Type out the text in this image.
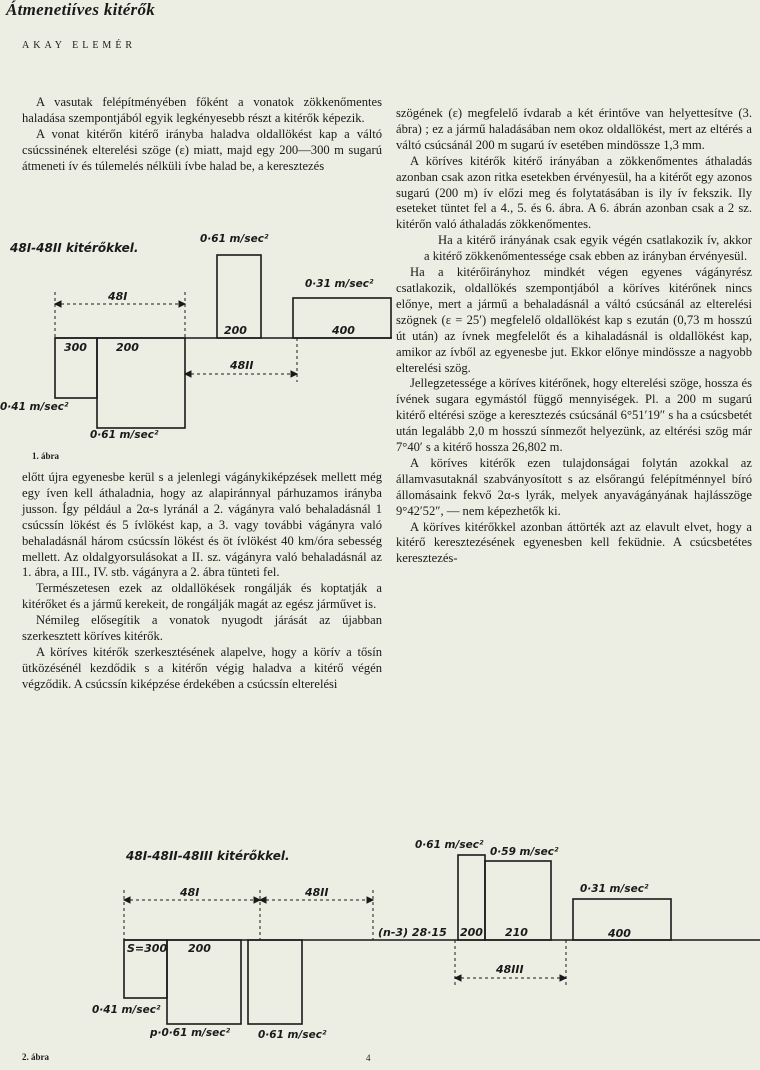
Átmenetiíves kitérők
AKAY ELEMÉR

A vasutak felépítményében főként a vonatok zökkenőmentes haladása szempontjából egyik legkényesebb részt a kitérők képezik.

A vonat kitérőn kitérő irányba haladva oldallökést kap a váltó csúcssinének elterelési szöge (ε) miatt, majd egy 200—300 m sugarú átmeneti ív és túlemelés nélküli ívbe halad be, a keresztezés

48I-48II kitérőkkel.
0·61 m/sec²
0·31 m/sec²
0·41 m/sec²
0·61 m/sec²
48I
48II
300	200
200	400
1. ábra

előtt újra egyenesbe kerül s a jelenlegi vágánykiképzések mellett még egy íven kell áthaladnia, hogy az alapiránnyal párhuzamos irányba jusson. Így például a 2α-s lyránál a 2. vágányra való behaladásnál 1 csúcssín lökést és 5 ívlökést kap, a 3. vagy további vágányra való behaladásnál három csúcssín lökést és öt ívlökést 40 km/óra sebesség mellett. Az oldalgyorsulásokat a II. sz. vágányra való behaladásnál az 1. ábra, a III., IV. stb. vágányra a 2. ábra tünteti fel.

Természetesen ezek az oldallökések rongálják és koptatják a kitérőket és a jármű kerekeit, de rongálják magát az egész járművet is.

Némileg elősegítik a vonatok nyugodt járását az újabban szerkesztett köríves kitérők.

A köríves kitérők szerkesztésének alapelve, hogy a körív a tősín ütközésénél kezdődik s a kitérőn végig haladva a kitérő végén végződik. A csúcssín kiképzése érdekében a csúcssín elterelési

szögének (ε) megfelelő ívdarab a két érintőve van helyettesítve (3. ábra) ; ez a jármű haladásában nem okoz oldallökést, mert az eltérés a váltó csúcsánál 200 m sugarú ív esetében mindössze 1,3 mm.

A köríves kitérők kitérő irányában a zökkenőmentes áthaladás azonban csak azon ritka esetekben érvényesül, ha a kitérőt egy azonos sugarú (200 m) ív előzi meg és folytatásában is ily ív fekszik. Ily eseteket tüntet fel a 4., 5. és 6. ábra. A 6. ábrán azonban csak a 2 sz. kitérőn való áthaladás zökkenőmentes.

Ha a kitérő irányának csak egyik végén csatlakozik ív, akkor a kitérő zökkenőmentessége csak ebben az irányban érvényesül.

Ha a kitérőirányhoz mindkét végen egyenes vágányrész csatlakozik, oldallökés szempontjából a köríves kitérőnek nincs előnye, mert a jármű a behaladásnál a váltó csúcsánál az elterelési szögnek (ε = 25′) megfelelő oldallökést kap s ezután (0,73 m hosszú út után) az ívnek megfelelőt és a kihaladásnál is oldallökést kap, amikor az ívből az egyenesbe jut. Ekkor előnye mindössze a nagyobb elterelési szög.

Jellegzetessége a köríves kitérőnek, hogy elterelési szöge, hossza és ívének sugara egymástól függő mennyiségek. Pl. a 200 m sugarú kitérő eltérési szöge a keresztezés csúcsánál 6°51′19″ s ha a csúcsbetét után legalább 2,0 m hosszú sínmezőt helyezünk, az eltérési szög már 7°40′ s a kitérő hossza 26,802 m.

A köríves kitérők ezen tulajdonságai folytán azokkal az államvasutaknál szabványosított s az elsőrangú felépítménnyel bíró állomásaink fekvő 2α-s lyrák, melyek anyavágányának hajlásszöge 9°42′52″, — nem képezhetők ki.

A köríves kitérőkkel azonban áttörték azt az elavult elvet, hogy a kitérő keresztezésének egyenesben kell feküdnie. A csúcsbetétes keresztezés-

48I-48II-48III kitérőkkel.
0·61 m/sec²
0·59 m/sec²
0·31 m/sec²
0·41 m/sec²
p·0·61 m/sec²	0·61 m/sec²
48I	48II
48III
S=300 200
(n-3) 28·15 200 210	400
2. ábra	4
